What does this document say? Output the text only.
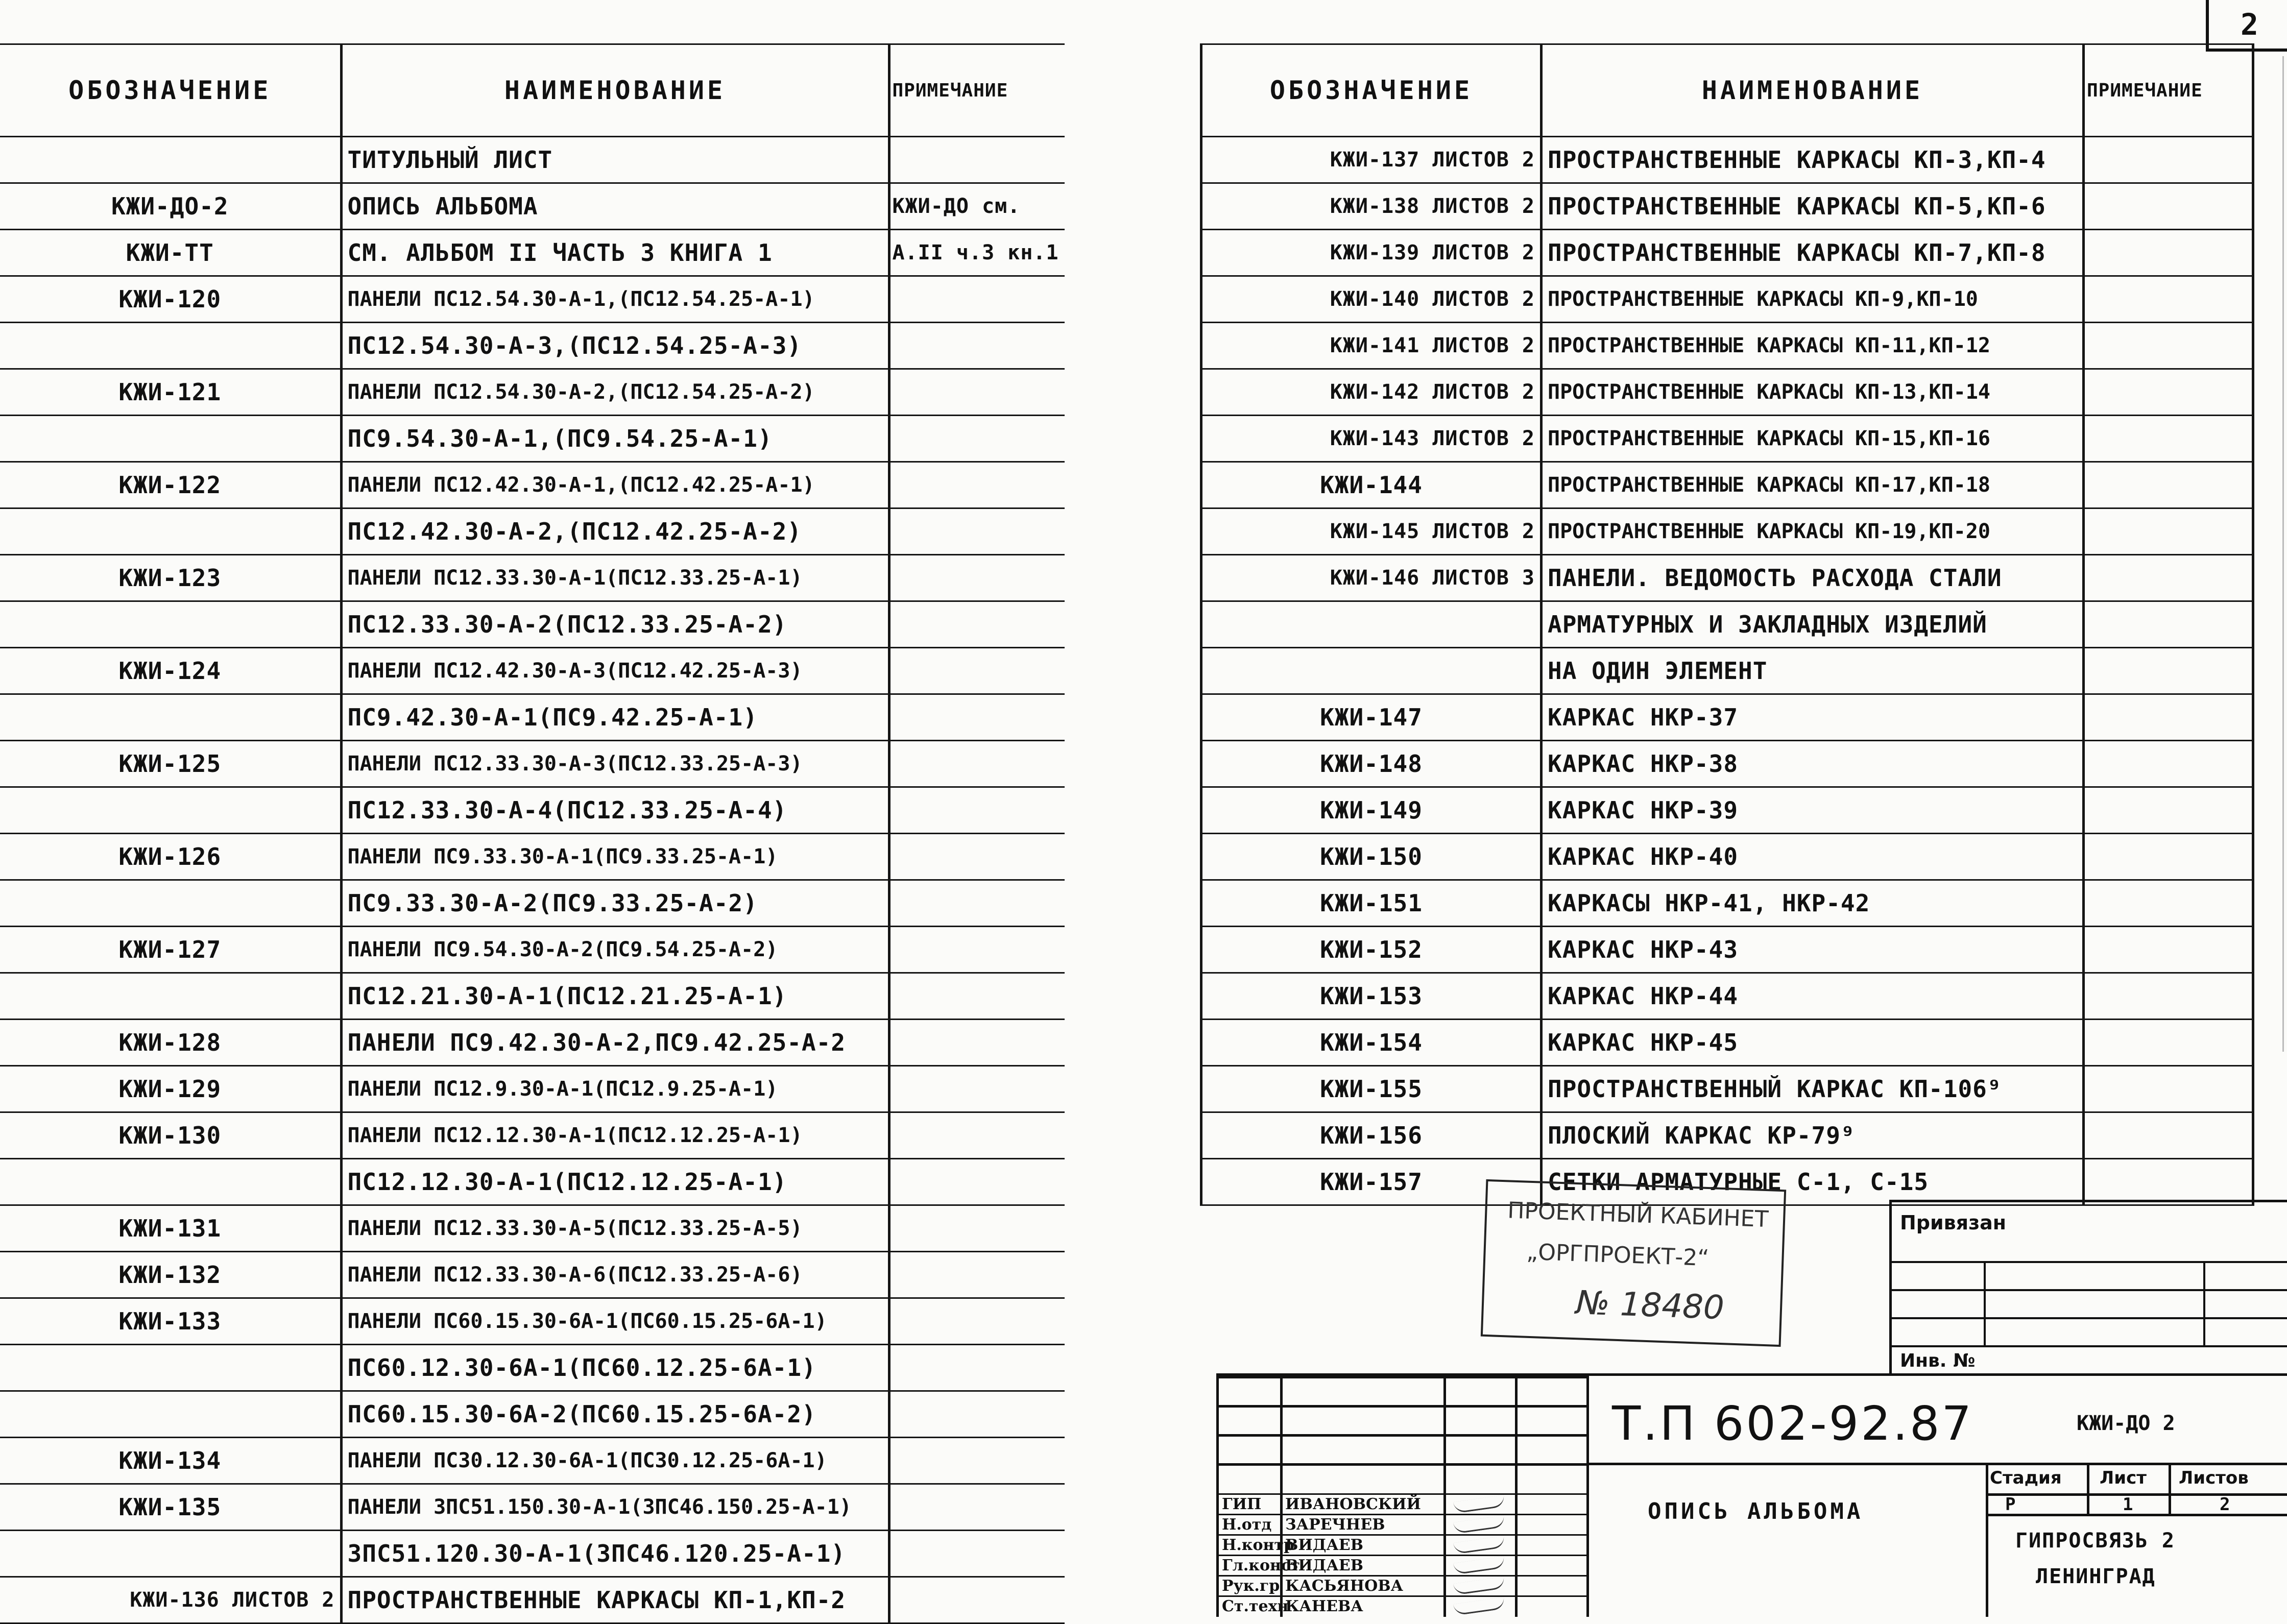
2
ОБОЗНАЧЕНИЕ	НАИМЕНОВАНИЕ	ПРИМЕЧАНИЕ
	ТИТУЛЬНЫЙ ЛИСТ	
КЖИ-ДО-2	ОПИСЬ АЛЬБОМА	КЖИ-ДО см.
КЖИ-ТТ	СМ. АЛЬБОМ II ЧАСТЬ 3 КНИГА 1	А.II ч.3 кн.1
КЖИ-120	ПАНЕЛИ ПС12.54.30-А-1,(ПС12.54.25-А-1)	
	ПС12.54.30-А-3,(ПС12.54.25-А-3)	
КЖИ-121	ПАНЕЛИ ПС12.54.30-А-2,(ПС12.54.25-А-2)	
	ПС9.54.30-А-1,(ПС9.54.25-А-1)	
КЖИ-122	ПАНЕЛИ ПС12.42.30-А-1,(ПС12.42.25-А-1)	
	ПС12.42.30-А-2,(ПС12.42.25-А-2)	
КЖИ-123	ПАНЕЛИ ПС12.33.30-А-1(ПС12.33.25-А-1)	
	ПС12.33.30-А-2(ПС12.33.25-А-2)	
КЖИ-124	ПАНЕЛИ ПС12.42.30-А-3(ПС12.42.25-А-3)	
	ПС9.42.30-А-1(ПС9.42.25-А-1)	
КЖИ-125	ПАНЕЛИ ПС12.33.30-А-3(ПС12.33.25-А-3)	
	ПС12.33.30-А-4(ПС12.33.25-А-4)	
КЖИ-126	ПАНЕЛИ ПС9.33.30-А-1(ПС9.33.25-А-1)	
	ПС9.33.30-А-2(ПС9.33.25-А-2)	
КЖИ-127	ПАНЕЛИ ПС9.54.30-А-2(ПС9.54.25-А-2)	
	ПС12.21.30-А-1(ПС12.21.25-А-1)	
КЖИ-128	ПАНЕЛИ ПС9.42.30-А-2,ПС9.42.25-А-2	
КЖИ-129	ПАНЕЛИ ПС12.9.30-А-1(ПС12.9.25-А-1)	
КЖИ-130	ПАНЕЛИ ПС12.12.30-А-1(ПС12.12.25-А-1)	
	ПС12.12.30-А-1(ПС12.12.25-А-1)	
КЖИ-131	ПАНЕЛИ ПС12.33.30-А-5(ПС12.33.25-А-5)	
КЖИ-132	ПАНЕЛИ ПС12.33.30-А-6(ПС12.33.25-А-6)	
КЖИ-133	ПАНЕЛИ ПС60.15.30-6А-1(ПС60.15.25-6А-1)	
	ПС60.12.30-6А-1(ПС60.12.25-6А-1)	
	ПС60.15.30-6А-2(ПС60.15.25-6А-2)	
КЖИ-134	ПАНЕЛИ ПС30.12.30-6А-1(ПС30.12.25-6А-1)	
КЖИ-135	ПАНЕЛИ 3ПС51.150.30-А-1(3ПС46.150.25-А-1)	
	3ПС51.120.30-А-1(3ПС46.120.25-А-1)	
КЖИ-136 ЛИСТОВ 2	ПРОСТРАНСТВЕННЫЕ КАРКАСЫ КП-1,КП-2	
ОБОЗНАЧЕНИЕ	НАИМЕНОВАНИЕ	ПРИМЕЧАНИЕ
КЖИ-137 ЛИСТОВ 2	ПРОСТРАНСТВЕННЫЕ КАРКАСЫ КП-3,КП-4	
КЖИ-138 ЛИСТОВ 2	ПРОСТРАНСТВЕННЫЕ КАРКАСЫ КП-5,КП-6	
КЖИ-139 ЛИСТОВ 2	ПРОСТРАНСТВЕННЫЕ КАРКАСЫ КП-7,КП-8	
КЖИ-140 ЛИСТОВ 2	ПРОСТРАНСТВЕННЫЕ КАРКАСЫ КП-9,КП-10	
КЖИ-141 ЛИСТОВ 2	ПРОСТРАНСТВЕННЫЕ КАРКАСЫ КП-11,КП-12	
КЖИ-142 ЛИСТОВ 2	ПРОСТРАНСТВЕННЫЕ КАРКАСЫ КП-13,КП-14	
КЖИ-143 ЛИСТОВ 2	ПРОСТРАНСТВЕННЫЕ КАРКАСЫ КП-15,КП-16	
КЖИ-144	ПРОСТРАНСТВЕННЫЕ КАРКАСЫ КП-17,КП-18	
КЖИ-145 ЛИСТОВ 2	ПРОСТРАНСТВЕННЫЕ КАРКАСЫ КП-19,КП-20	
КЖИ-146 ЛИСТОВ 3	ПАНЕЛИ. ВЕДОМОСТЬ РАСХОДА СТАЛИ	
	АРМАТУРНЫХ И ЗАКЛАДНЫХ ИЗДЕЛИЙ	
	НА ОДИН ЭЛЕМЕНТ	
КЖИ-147	КАРКАС НКР-37	
КЖИ-148	КАРКАС НКР-38	
КЖИ-149	КАРКАС НКР-39	
КЖИ-150	КАРКАС НКР-40	
КЖИ-151	КАРКАСЫ НКР-41, НКР-42	
КЖИ-152	КАРКАС НКР-43	
КЖИ-153	КАРКАС НКР-44	
КЖИ-154	КАРКАС НКР-45	
КЖИ-155	ПРОСТРАНСТВЕННЫЙ КАРКАС КП-106⁹	
КЖИ-156	ПЛОСКИЙ КАРКАС КР-79⁹	
КЖИ-157	СЕТКИ АРМАТУРНЫЕ С-1, С-15	
ПРОЕКТНЫЙ КАБИНЕТ
„ОРГПРОЕКТ-2“
№ 18480
Привязан
Инв. №
ГИП ИВАНОВСКИЙ
Н.отд ЗАРЕЧНЕВ
Н.контр
ВИДАЕВ
Гл.конст
ВИДАЕВ
Рук.гр КАСЬЯНОВА
Ст.техн
КАНЕВА
Т.П 602-92.87	КЖИ-ДО 2
ОПИСЬ АЛЬБОМА
Стадия Лист Листов
Р	1	2
ГИПРОСВЯЗЬ 2
ЛЕНИНГРАД
